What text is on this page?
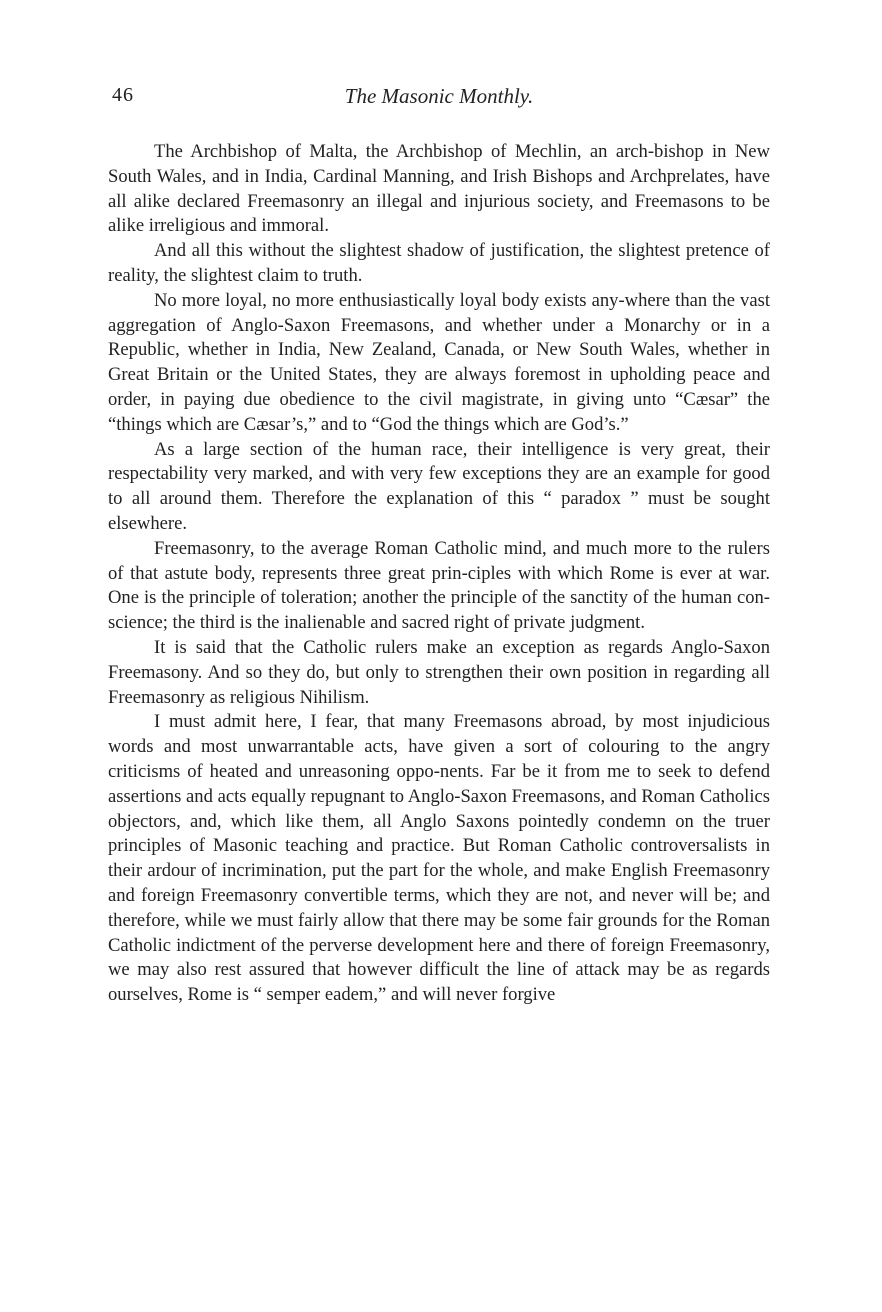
46	The Masonic Monthly.

The Archbishop of Malta, the Archbishop of Mechlin, an arch-bishop in New South Wales, and in India, Cardinal Manning, and Irish Bishops and Archprelates, have all alike declared Freemasonry an illegal and injurious society, and Freemasons to be alike irreligious and immoral.

And all this without the slightest shadow of justification, the slightest pretence of reality, the slightest claim to truth.

No more loyal, no more enthusiastically loyal body exists any-where than the vast aggregation of Anglo-Saxon Freemasons, and whether under a Monarchy or in a Republic, whether in India, New Zealand, Canada, or New South Wales, whether in Great Britain or the United States, they are always foremost in upholding peace and order, in paying due obedience to the civil magistrate, in giving unto “Cæsar” the “things which are Cæsar’s,” and to “God the things which are God’s.”

As a large section of the human race, their intelligence is very great, their respectability very marked, and with very few exceptions they are an example for good to all around them. Therefore the explanation of this “ paradox ” must be sought elsewhere.

Freemasonry, to the average Roman Catholic mind, and much more to the rulers of that astute body, represents three great prin-ciples with which Rome is ever at war. One is the principle of toleration; another the principle of the sanctity of the human con-science; the third is the inalienable and sacred right of private judgment.

It is said that the Catholic rulers make an exception as regards Anglo-Saxon Freemasony. And so they do, but only to strengthen their own position in regarding all Freemasonry as religious Nihilism.

I must admit here, I fear, that many Freemasons abroad, by most injudicious words and most unwarrantable acts, have given a sort of colouring to the angry criticisms of heated and unreasoning oppo-nents. Far be it from me to seek to defend assertions and acts equally repugnant to Anglo-Saxon Freemasons, and Roman Catholics objectors, and, which like them, all Anglo Saxons pointedly condemn on the truer principles of Masonic teaching and practice. But Roman Catholic controversalists in their ardour of incrimination, put the part for the whole, and make English Freemasonry and foreign Freemasonry convertible terms, which they are not, and never will be; and therefore, while we must fairly allow that there may be some fair grounds for the Roman Catholic indictment of the perverse development here and there of foreign Freemasonry, we may also rest assured that however difficult the line of attack may be as regards ourselves, Rome is “ semper eadem,” and will never forgive
